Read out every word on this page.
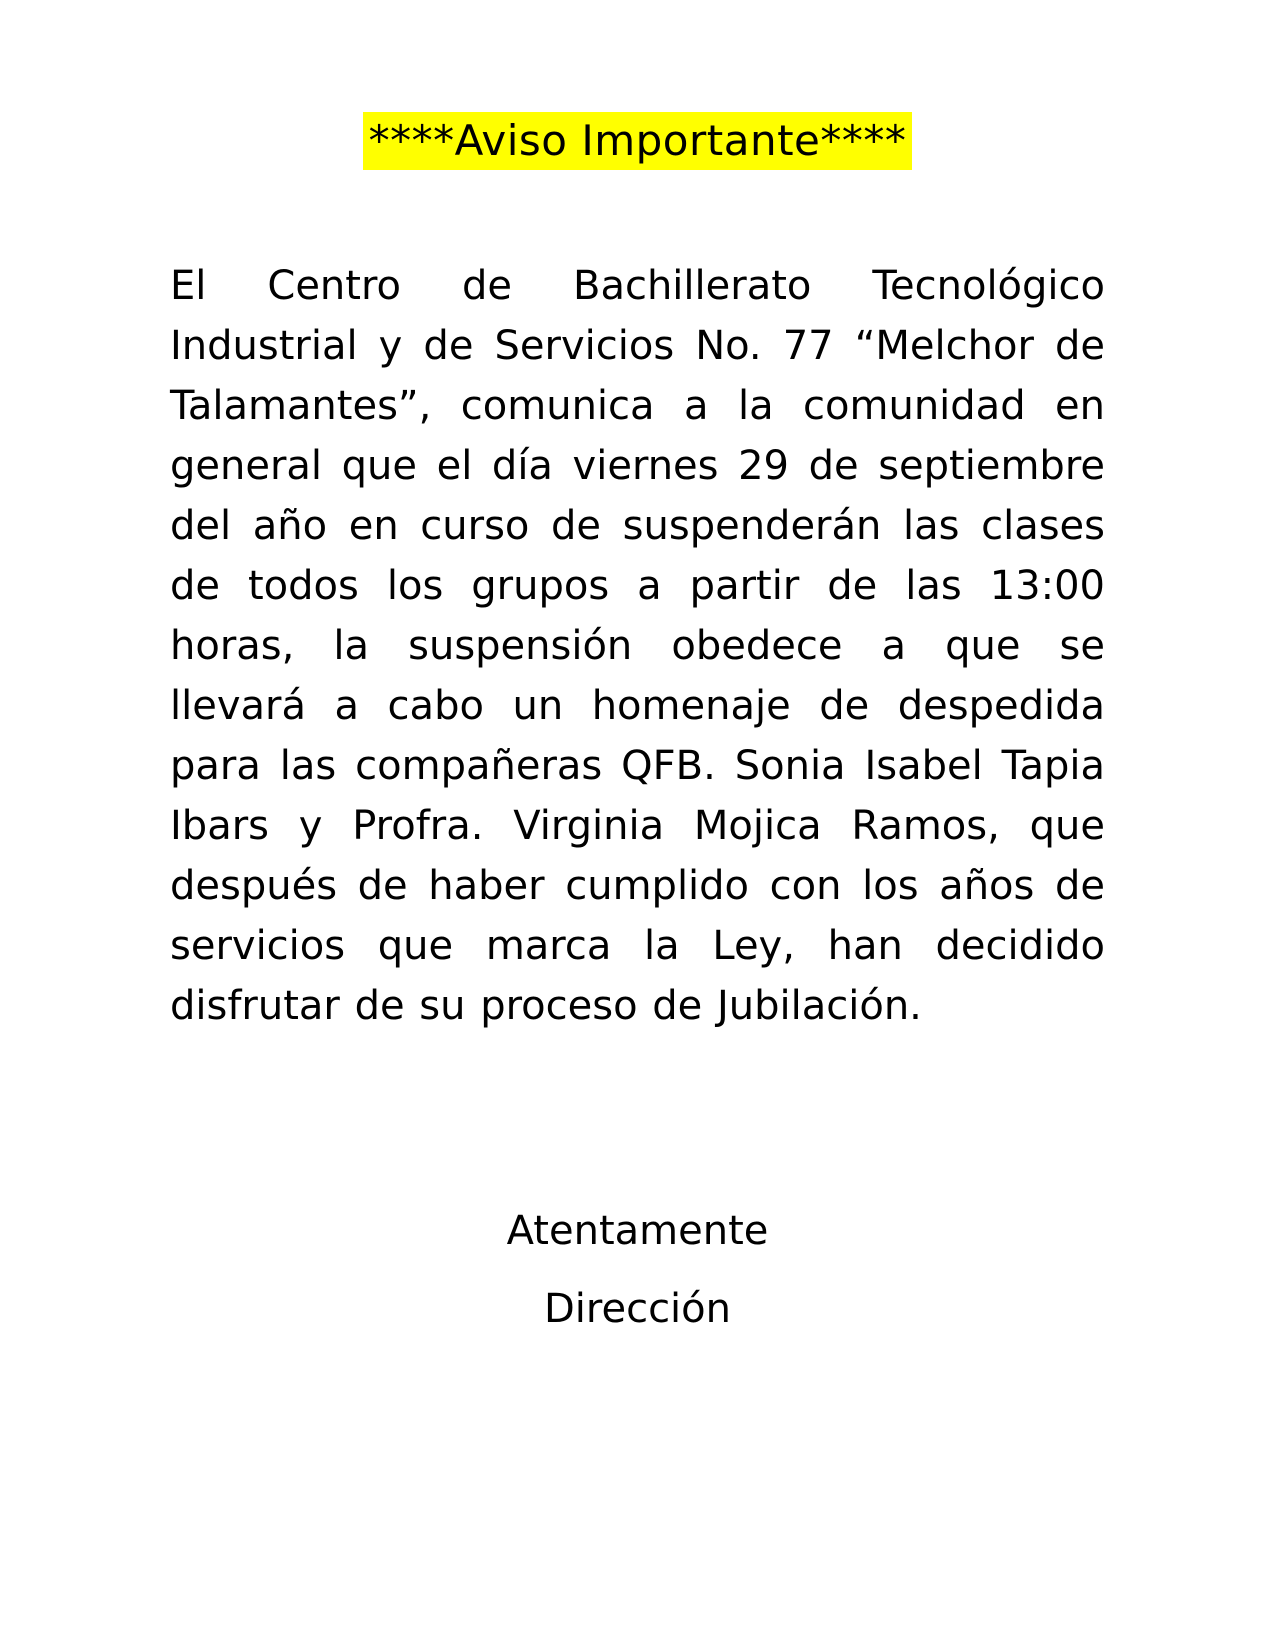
****Aviso Importante****

El Centro de Bachillerato Tecnológico Industrial y de Servicios No. 77 “Melchor de Talamantes”, comunica a la comunidad en general que el día viernes 29 de septiembre del año en curso de suspenderán las clases de todos los grupos a partir de las 13:00 horas, la suspensión obedece a que se llevará a cabo un homenaje de despedida para las compañeras QFB. Sonia Isabel Tapia Ibars y Profra. Virginia Mojica Ramos, que después de haber cumplido con los años de servicios que marca la Ley, han decidido disfrutar de su proceso de Jubilación.

Atentamente
Dirección
